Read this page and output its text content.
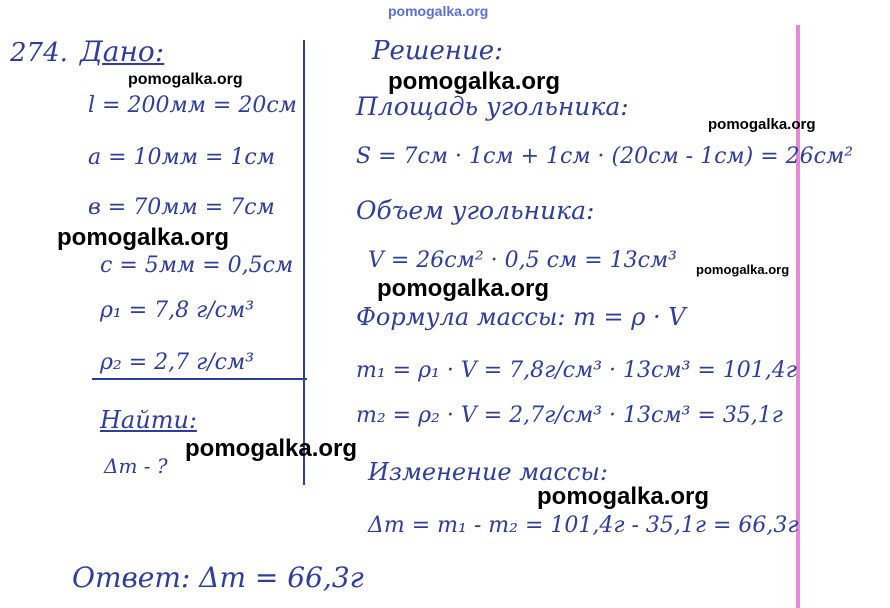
pomogalka.org
274. Дано:
l = 200мм = 20см
a = 10мм = 1см
в = 70мм = 7см
c = 5мм = 0,5см
ρ₁ = 7,8 г/см³
ρ₂ = 2,7 г/см³
Найти:
Δm - ?
Решение:
Площадь угольника:
S = 7см · 1см + 1см · (20см - 1см) = 26см²
Объем угольника:
V = 26см² · 0,5 см = 13см³
Формула массы: m = ρ · V
m₁ = ρ₁ · V = 7,8г/см³ · 13см³ = 101,4г
m₂ = ρ₂ · V = 2,7г/см³ · 13см³ = 35,1г
Изменение массы:
Δm = m₁ - m₂ = 101,4г - 35,1г = 66,3г
Ответ: Δm = 66,3г
pomogalka.org	pomogalka.org
pomogalka.org
pomogalka.org
pomogalka.org
pomogalka.org
pomogalka.org
pomogalka.org
